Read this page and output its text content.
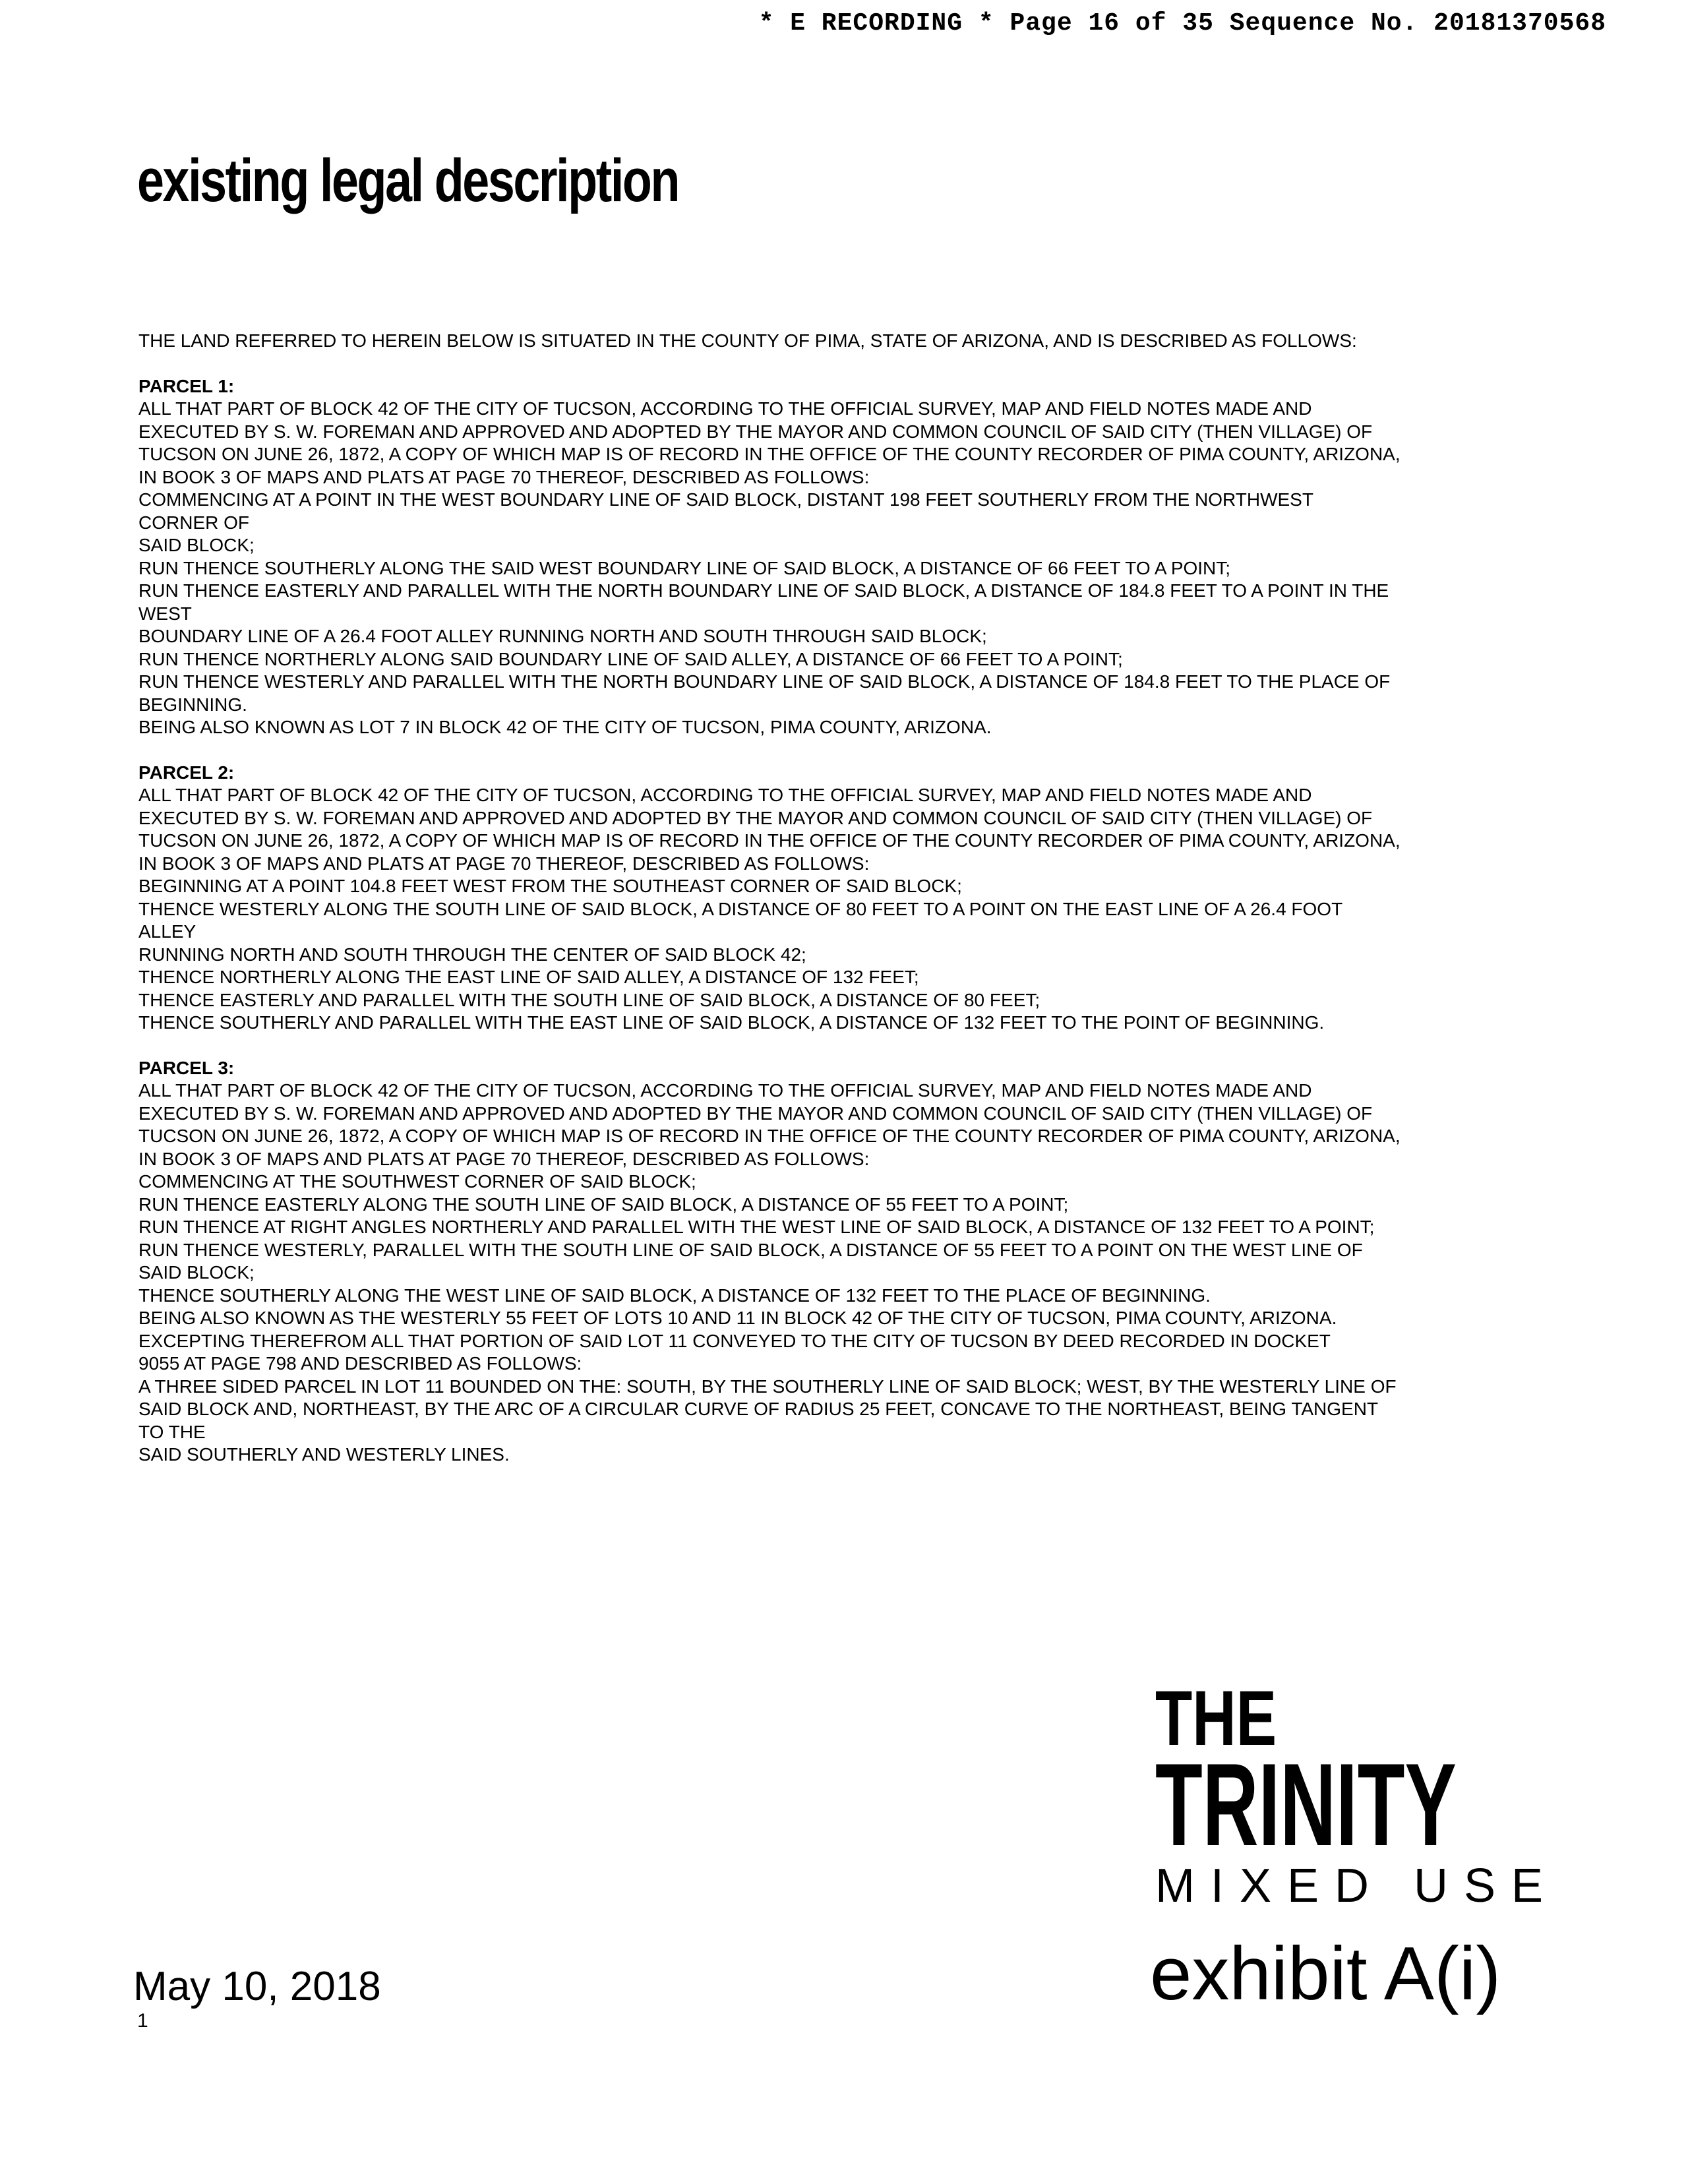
* E RECORDING * Page 16 of 35 Sequence No. 20181370568
existing legal description

THE LAND REFERRED TO HEREIN BELOW IS SITUATED IN THE COUNTY OF PIMA, STATE OF ARIZONA, AND IS DESCRIBED AS FOLLOWS:

PARCEL 1:

ALL THAT PART OF BLOCK 42 OF THE CITY OF TUCSON, ACCORDING TO THE OFFICIAL SURVEY, MAP AND FIELD NOTES MADE AND
EXECUTED BY S. W. FOREMAN AND APPROVED AND ADOPTED BY THE MAYOR AND COMMON COUNCIL OF SAID CITY (THEN VILLAGE) OF
TUCSON ON JUNE 26, 1872, A COPY OF WHICH MAP IS OF RECORD IN THE OFFICE OF THE COUNTY RECORDER OF PIMA COUNTY, ARIZONA,
IN BOOK 3 OF MAPS AND PLATS AT PAGE 70 THEREOF, DESCRIBED AS FOLLOWS:
COMMENCING AT A POINT IN THE WEST BOUNDARY LINE OF SAID BLOCK, DISTANT 198 FEET SOUTHERLY FROM THE NORTHWEST
CORNER OF
SAID BLOCK;
RUN THENCE SOUTHERLY ALONG THE SAID WEST BOUNDARY LINE OF SAID BLOCK, A DISTANCE OF 66 FEET TO A POINT;
RUN THENCE EASTERLY AND PARALLEL WITH THE NORTH BOUNDARY LINE OF SAID BLOCK, A DISTANCE OF 184.8 FEET TO A POINT IN THE
WEST
BOUNDARY LINE OF A 26.4 FOOT ALLEY RUNNING NORTH AND SOUTH THROUGH SAID BLOCK;
RUN THENCE NORTHERLY ALONG SAID BOUNDARY LINE OF SAID ALLEY, A DISTANCE OF 66 FEET TO A POINT;
RUN THENCE WESTERLY AND PARALLEL WITH THE NORTH BOUNDARY LINE OF SAID BLOCK, A DISTANCE OF 184.8 FEET TO THE PLACE OF
BEGINNING.
BEING ALSO KNOWN AS LOT 7 IN BLOCK 42 OF THE CITY OF TUCSON, PIMA COUNTY, ARIZONA.

PARCEL 2:

ALL THAT PART OF BLOCK 42 OF THE CITY OF TUCSON, ACCORDING TO THE OFFICIAL SURVEY, MAP AND FIELD NOTES MADE AND
EXECUTED BY S. W. FOREMAN AND APPROVED AND ADOPTED BY THE MAYOR AND COMMON COUNCIL OF SAID CITY (THEN VILLAGE) OF
TUCSON ON JUNE 26, 1872, A COPY OF WHICH MAP IS OF RECORD IN THE OFFICE OF THE COUNTY RECORDER OF PIMA COUNTY, ARIZONA,
IN BOOK 3 OF MAPS AND PLATS AT PAGE 70 THEREOF, DESCRIBED AS FOLLOWS:
BEGINNING AT A POINT 104.8 FEET WEST FROM THE SOUTHEAST CORNER OF SAID BLOCK;
THENCE WESTERLY ALONG THE SOUTH LINE OF SAID BLOCK, A DISTANCE OF 80 FEET TO A POINT ON THE EAST LINE OF A 26.4 FOOT
ALLEY
RUNNING NORTH AND SOUTH THROUGH THE CENTER OF SAID BLOCK 42;
THENCE NORTHERLY ALONG THE EAST LINE OF SAID ALLEY, A DISTANCE OF 132 FEET;
THENCE EASTERLY AND PARALLEL WITH THE SOUTH LINE OF SAID BLOCK, A DISTANCE OF 80 FEET;
THENCE SOUTHERLY AND PARALLEL WITH THE EAST LINE OF SAID BLOCK, A DISTANCE OF 132 FEET TO THE POINT OF BEGINNING.

PARCEL 3:

ALL THAT PART OF BLOCK 42 OF THE CITY OF TUCSON, ACCORDING TO THE OFFICIAL SURVEY, MAP AND FIELD NOTES MADE AND
EXECUTED BY S. W. FOREMAN AND APPROVED AND ADOPTED BY THE MAYOR AND COMMON COUNCIL OF SAID CITY (THEN VILLAGE) OF
TUCSON ON JUNE 26, 1872, A COPY OF WHICH MAP IS OF RECORD IN THE OFFICE OF THE COUNTY RECORDER OF PIMA COUNTY, ARIZONA,
IN BOOK 3 OF MAPS AND PLATS AT PAGE 70 THEREOF, DESCRIBED AS FOLLOWS:
COMMENCING AT THE SOUTHWEST CORNER OF SAID BLOCK;
RUN THENCE EASTERLY ALONG THE SOUTH LINE OF SAID BLOCK, A DISTANCE OF 55 FEET TO A POINT;
RUN THENCE AT RIGHT ANGLES NORTHERLY AND PARALLEL WITH THE WEST LINE OF SAID BLOCK, A DISTANCE OF 132 FEET TO A POINT;
RUN THENCE WESTERLY, PARALLEL WITH THE SOUTH LINE OF SAID BLOCK, A DISTANCE OF 55 FEET TO A POINT ON THE WEST LINE OF
SAID BLOCK;
THENCE SOUTHERLY ALONG THE WEST LINE OF SAID BLOCK, A DISTANCE OF 132 FEET TO THE PLACE OF BEGINNING.
BEING ALSO KNOWN AS THE WESTERLY 55 FEET OF LOTS 10 AND 11 IN BLOCK 42 OF THE CITY OF TUCSON, PIMA COUNTY, ARIZONA.
EXCEPTING THEREFROM ALL THAT PORTION OF SAID LOT 11 CONVEYED TO THE CITY OF TUCSON BY DEED RECORDED IN DOCKET
9055 AT PAGE 798 AND DESCRIBED AS FOLLOWS:
A THREE SIDED PARCEL IN LOT 11 BOUNDED ON THE: SOUTH, BY THE SOUTHERLY LINE OF SAID BLOCK; WEST, BY THE WESTERLY LINE OF
SAID BLOCK AND, NORTHEAST, BY THE ARC OF A CIRCULAR CURVE OF RADIUS 25 FEET, CONCAVE TO THE NORTHEAST, BEING TANGENT
TO THE
SAID SOUTHERLY AND WESTERLY LINES.
THE
TRINITY
MIXED USE
May 10, 2018
1
exhibit A(i)
